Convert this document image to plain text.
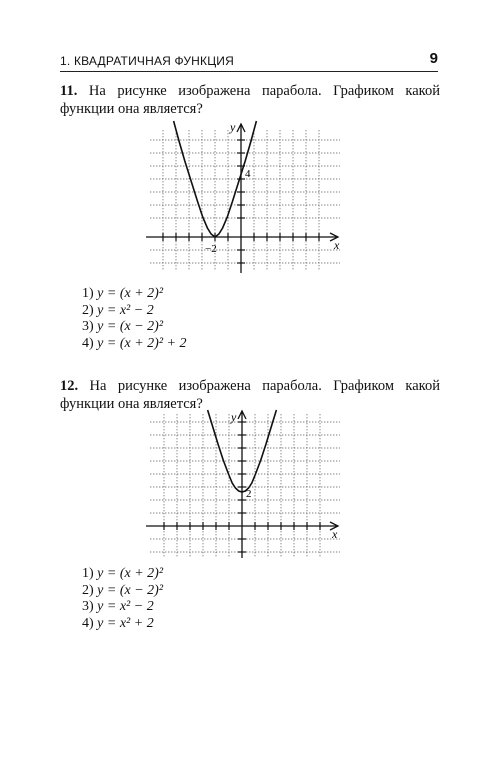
1. КВАДРАТИЧНАЯ ФУНКЦИЯ	9
11. На рисунке изображена парабола. Графиком какой функции она является?
x
y
4
−2
1) y = (x + 2)²
2) y = x² − 2
3) y = (x − 2)²
4) y = (x + 2)² + 2
12. На рисунке изображена парабола. Графиком какой функции она является?
x
y
2
1) y = (x + 2)²
2) y = (x − 2)²
3) y = x² − 2
4) y = x² + 2
